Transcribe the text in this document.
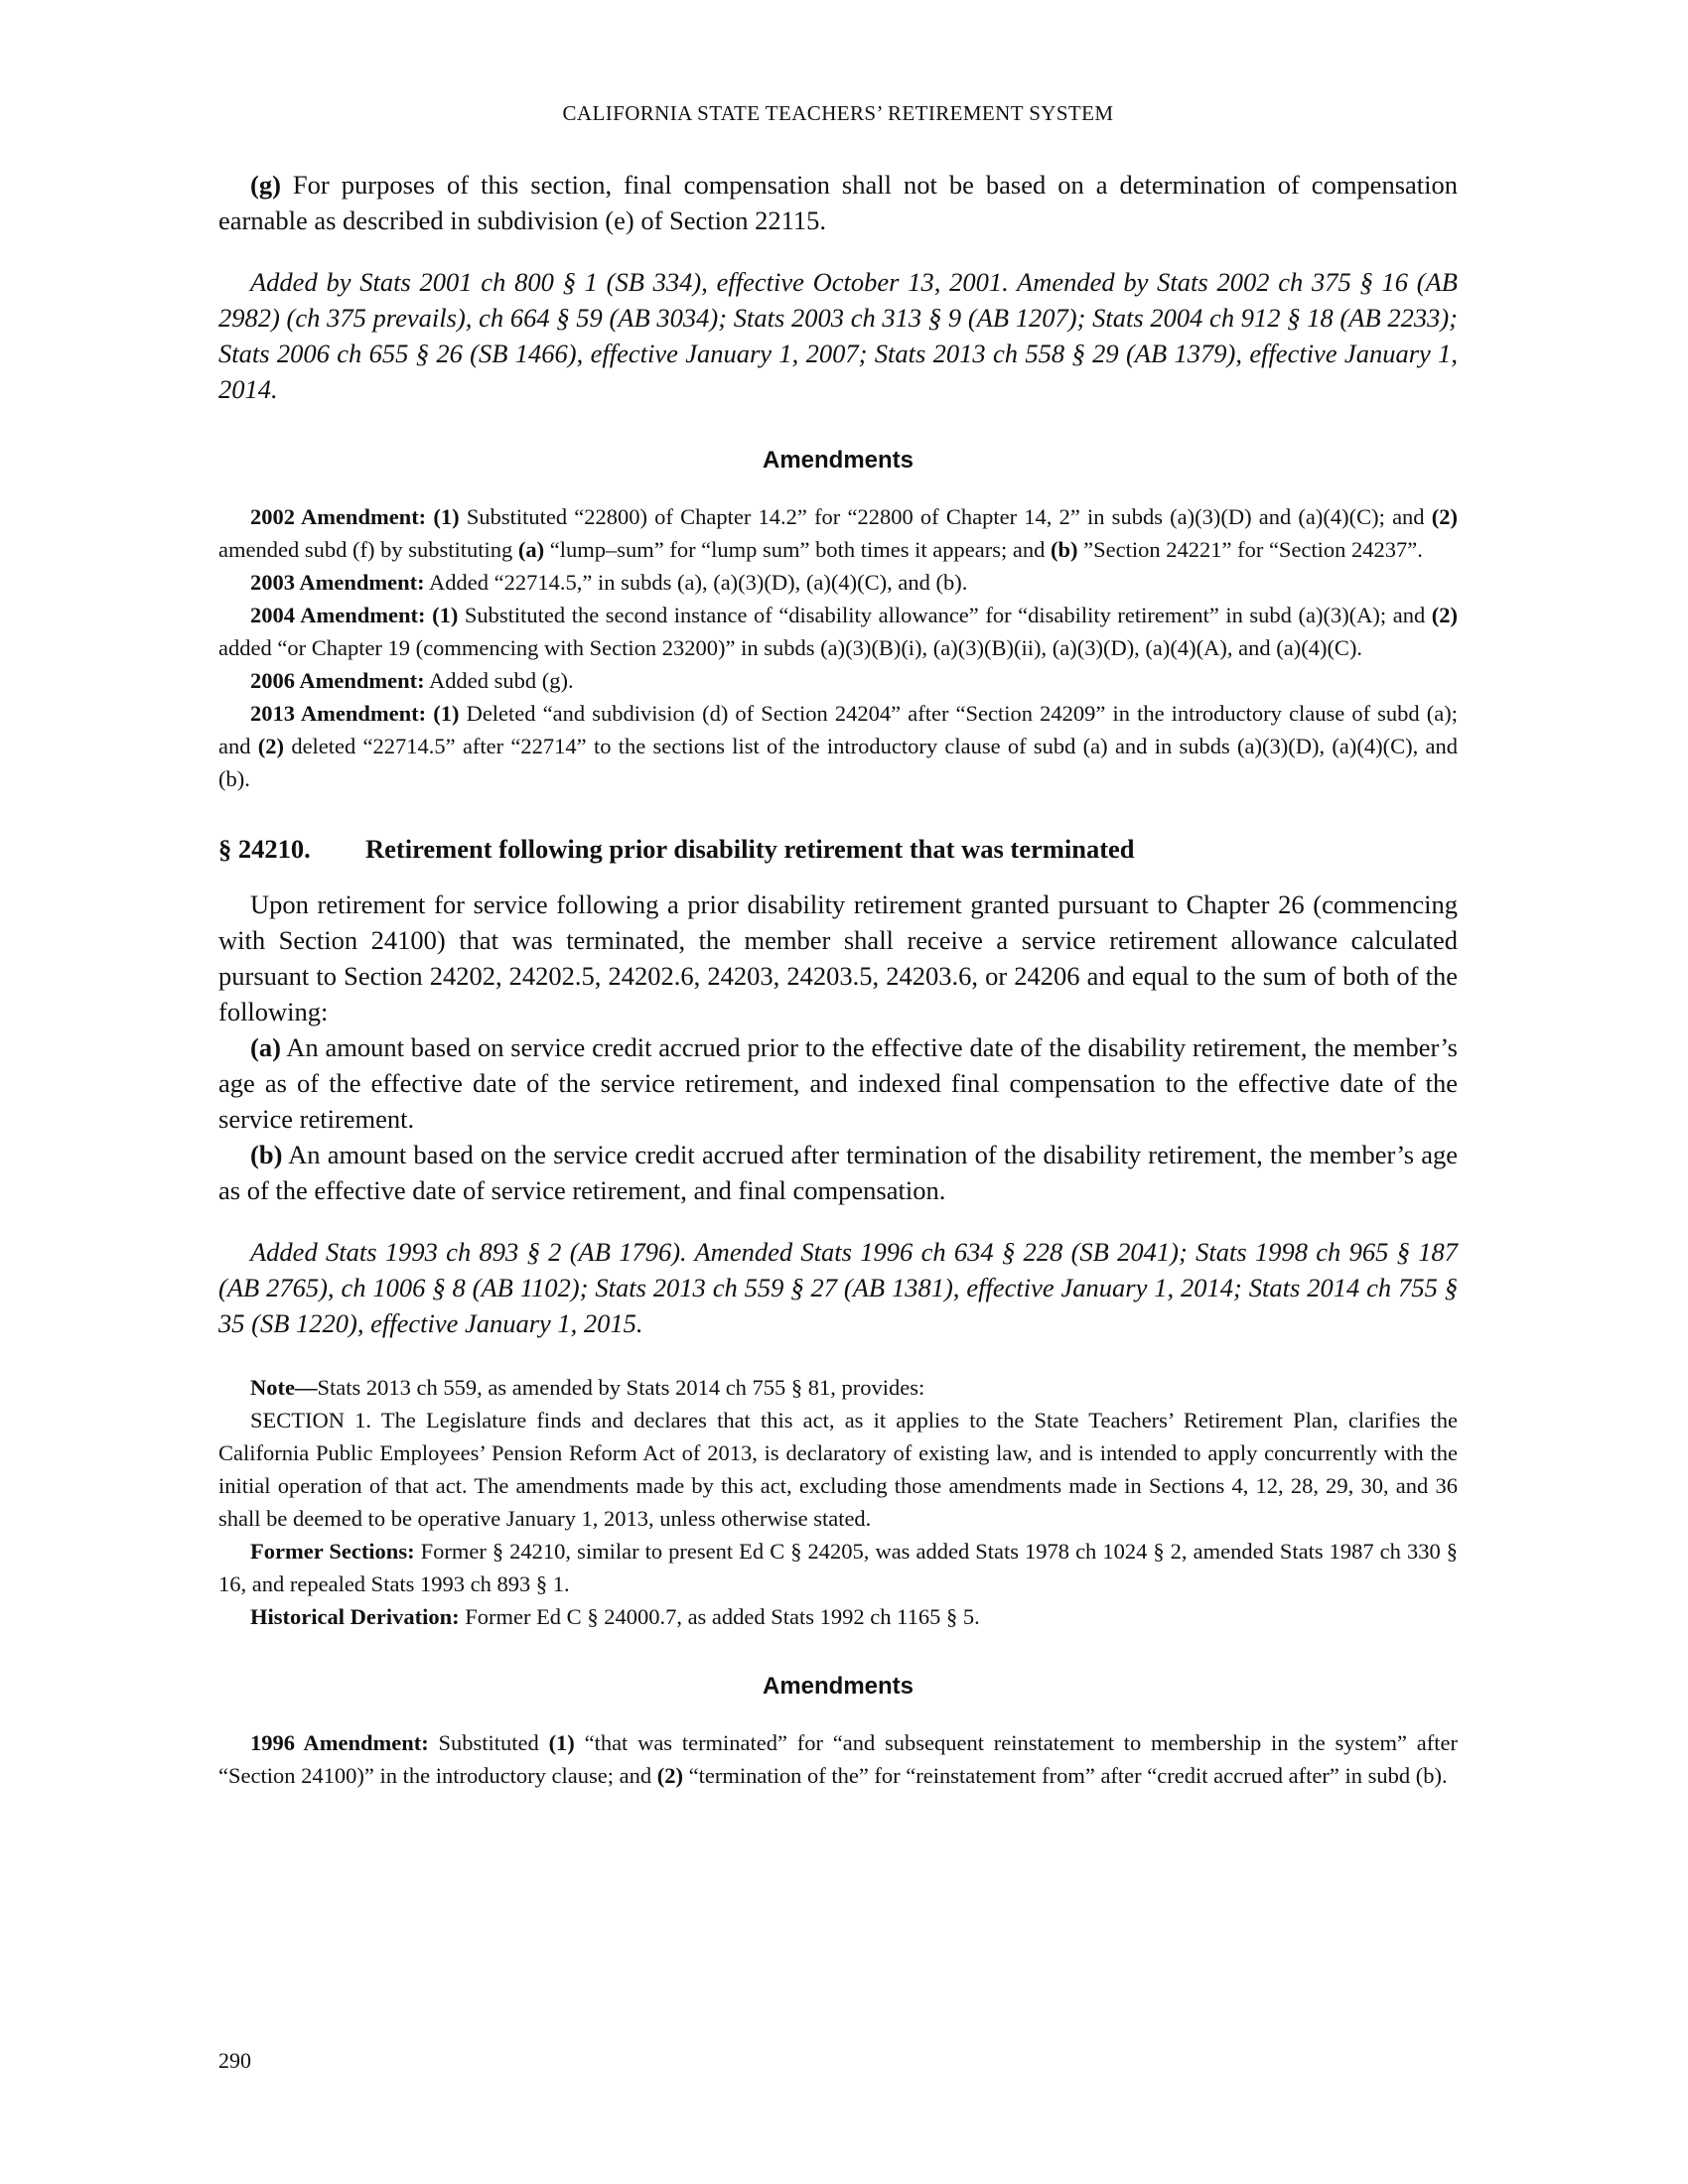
CALIFORNIA STATE TEACHERS’ RETIREMENT SYSTEM

(g) For purposes of this section, final compensation shall not be based on a determination of compensation earnable as described in subdivision (e) of Section 22115.

Added by Stats 2001 ch 800 § 1 (SB 334), effective October 13, 2001. Amended by Stats 2002 ch 375 § 16 (AB 2982) (ch 375 prevails), ch 664 § 59 (AB 3034); Stats 2003 ch 313 § 9 (AB 1207); Stats 2004 ch 912 § 18 (AB 2233); Stats 2006 ch 655 § 26 (SB 1466), effective January 1, 2007; Stats 2013 ch 558 § 29 (AB 1379), effective January 1, 2014.

Amendments

2002 Amendment: (1) Substituted “22800) of Chapter 14.2” for “22800 of Chapter 14, 2” in subds (a)(3)(D) and (a)(4)(C); and (2) amended subd (f) by substituting (a) “lump–sum” for “lump sum” both times it appears; and (b) ”Section 24221” for “Section 24237”.

2003 Amendment: Added “22714.5,” in subds (a), (a)(3)(D), (a)(4)(C), and (b).

2004 Amendment: (1) Substituted the second instance of “disability allowance” for “disability retirement” in subd (a)(3)(A); and (2) added “or Chapter 19 (commencing with Section 23200)” in subds (a)(3)(B)(i), (a)(3)(B)(ii), (a)(3)(D), (a)(4)(A), and (a)(4)(C).

2006 Amendment: Added subd (g).

2013 Amendment: (1) Deleted “and subdivision (d) of Section 24204” after “Section 24209” in the introductory clause of subd (a); and (2) deleted “22714.5” after “22714” to the sections list of the introductory clause of subd (a) and in subds (a)(3)(D), (a)(4)(C), and (b).

§ 24210. Retirement following prior disability retirement that was terminated

Upon retirement for service following a prior disability retirement granted pursuant to Chapter 26 (commencing with Section 24100) that was terminated, the member shall receive a service retirement allowance calculated pursuant to Section 24202, 24202.5, 24202.6, 24203, 24203.5, 24203.6, or 24206 and equal to the sum of both of the following:

(a) An amount based on service credit accrued prior to the effective date of the disability retirement, the member’s age as of the effective date of the service retirement, and indexed final compensation to the effective date of the service retirement.

(b) An amount based on the service credit accrued after termination of the disability retirement, the member’s age as of the effective date of service retirement, and final compensation.

Added Stats 1993 ch 893 § 2 (AB 1796). Amended Stats 1996 ch 634 § 228 (SB 2041); Stats 1998 ch 965 § 187 (AB 2765), ch 1006 § 8 (AB 1102); Stats 2013 ch 559 § 27 (AB 1381), effective January 1, 2014; Stats 2014 ch 755 § 35 (SB 1220), effective January 1, 2015.

Note—Stats 2013 ch 559, as amended by Stats 2014 ch 755 § 81, provides:

SECTION 1. The Legislature finds and declares that this act, as it applies to the State Teachers’ Retirement Plan, clarifies the California Public Employees’ Pension Reform Act of 2013, is declaratory of existing law, and is intended to apply concurrently with the initial operation of that act. The amendments made by this act, excluding those amendments made in Sections 4, 12, 28, 29, 30, and 36 shall be deemed to be operative January 1, 2013, unless otherwise stated.

Former Sections: Former § 24210, similar to present Ed C § 24205, was added Stats 1978 ch 1024 § 2, amended Stats 1987 ch 330 § 16, and repealed Stats 1993 ch 893 § 1.

Historical Derivation: Former Ed C § 24000.7, as added Stats 1992 ch 1165 § 5.

Amendments

1996 Amendment: Substituted (1) “that was terminated” for “and subsequent reinstatement to membership in the system” after “Section 24100)” in the introductory clause; and (2) “termination of the” for “reinstatement from” after “credit accrued after” in subd (b).

290
